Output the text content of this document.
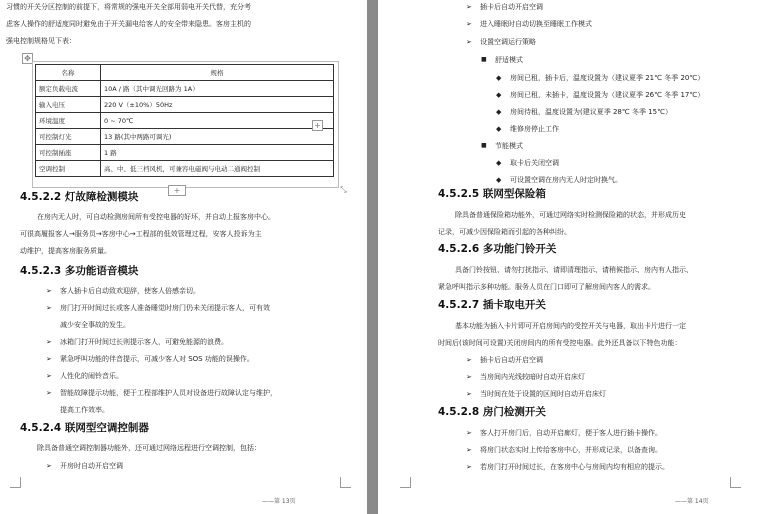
习惯的开关分区控制的前提下，将常规的强电开关全部用弱电开关代替，充分考
虑客人操作的舒适度同时避免由于开关漏电给客人的安全带来隐患。客房主机的
强电控制规格见下表：
✥
名称	规格
额定负载电流	10A / 路（其中调光回路为 1A）
输入电压	220 V（±10%）50Hz
环境温度	0 ~ 70℃
可控制灯光	13 路(其中两路可调光)
可控制插座	1 路
空调控制	高、中、低三档风机，可兼容电磁阀与电动二通阀控制
+
+	⤡
4.5.2.2 灯故障检测模块
在房内无人时，可自动检测房间所有受控电器的好坏，并自动上报客房中心。
可很高履报客人→服务员→客房中心→工程部的低效管理过程，安客人投诉为主
动维护，提高客房服务质量。
4.5.2.3 多功能语音模块
➢ 客人插卡后自动致欢迎辞，使客人倍感亲切。
➢ 房门打开时间过长或客人准备睡觉时房门仍未关闭提示客人，可有效
减少安全事故的发生。
➢ 冰箱门打开时间过长则提示客人，可避免能源的浪费。
➢ 紧急呼叫功能的伴音提示，可减少客人对 SOS 功能的误操作。
➢ 人性化的闹铃音乐。
➢ 智能故障提示功能，便于工程部维护人员对设备进行故障认定与维护，
提高工作效率。
4.5.2.4 联网型空调控制器
除具备普通空调控制器功能外，还可通过网络远程进行空调控制，包括：
➢ 开房时自动开启空调
——第 13页
➢ 插卡后自动开启空调
➢ 进入睡眠时自动切换至睡眠工作模式
➢ 设置空调运行策略
■ 舒适模式
◆ 房间已租，插卡后，温度设置为（建议夏季 21℃ 冬季 20℃）
◆ 房间已租，未插卡，温度设置为（建议夏季 26℃ 冬季 17℃）
◆ 房间待租，温度设置为(建议夏季 28℃ 冬季 15℃）
◆ 维修房停止工作
■ 节能模式
◆ 取卡后关闭空调
◆ 可设置空调在房内无人时定时换气。
4.5.2.5 联网型保险箱
除具备普通保险箱功能外，可通过网络实时检测保险箱的状态，并形成历史
记录，可减少因保险箱而引起的各种纠纷。
4.5.2.6 多功能门铃开关
具备门铃按钮、请勿打扰指示、请即清理指示、请稍候指示、房内有人指示、
紧急呼叫指示多种功能。服务人员在门口即可了解房间内客人的需求。
4.5.2.7 插卡取电开关
基本功能为插入卡片即可开启房间内的受控开关与电器，取出卡片进行一定
时间后(该时间可设置)关闭房间内的所有受控电器。此外还具备以下特色功能：
➢ 插卡后自动开启空调
➢ 当房间内光线较暗时自动开启床灯
➢ 当时间在处于设置的区间时自动开启床灯
4.5.2.8 房门检测开关
➢ 客人打开房门后，自动开启廊灯，便于客人进行插卡操作。
➢ 将房门状态实时上传给客房中心，并形成记录，以备查询。
➢ 若房门打开时间过长，在客房中心与房间内均有相应的提示。
——第 14页
